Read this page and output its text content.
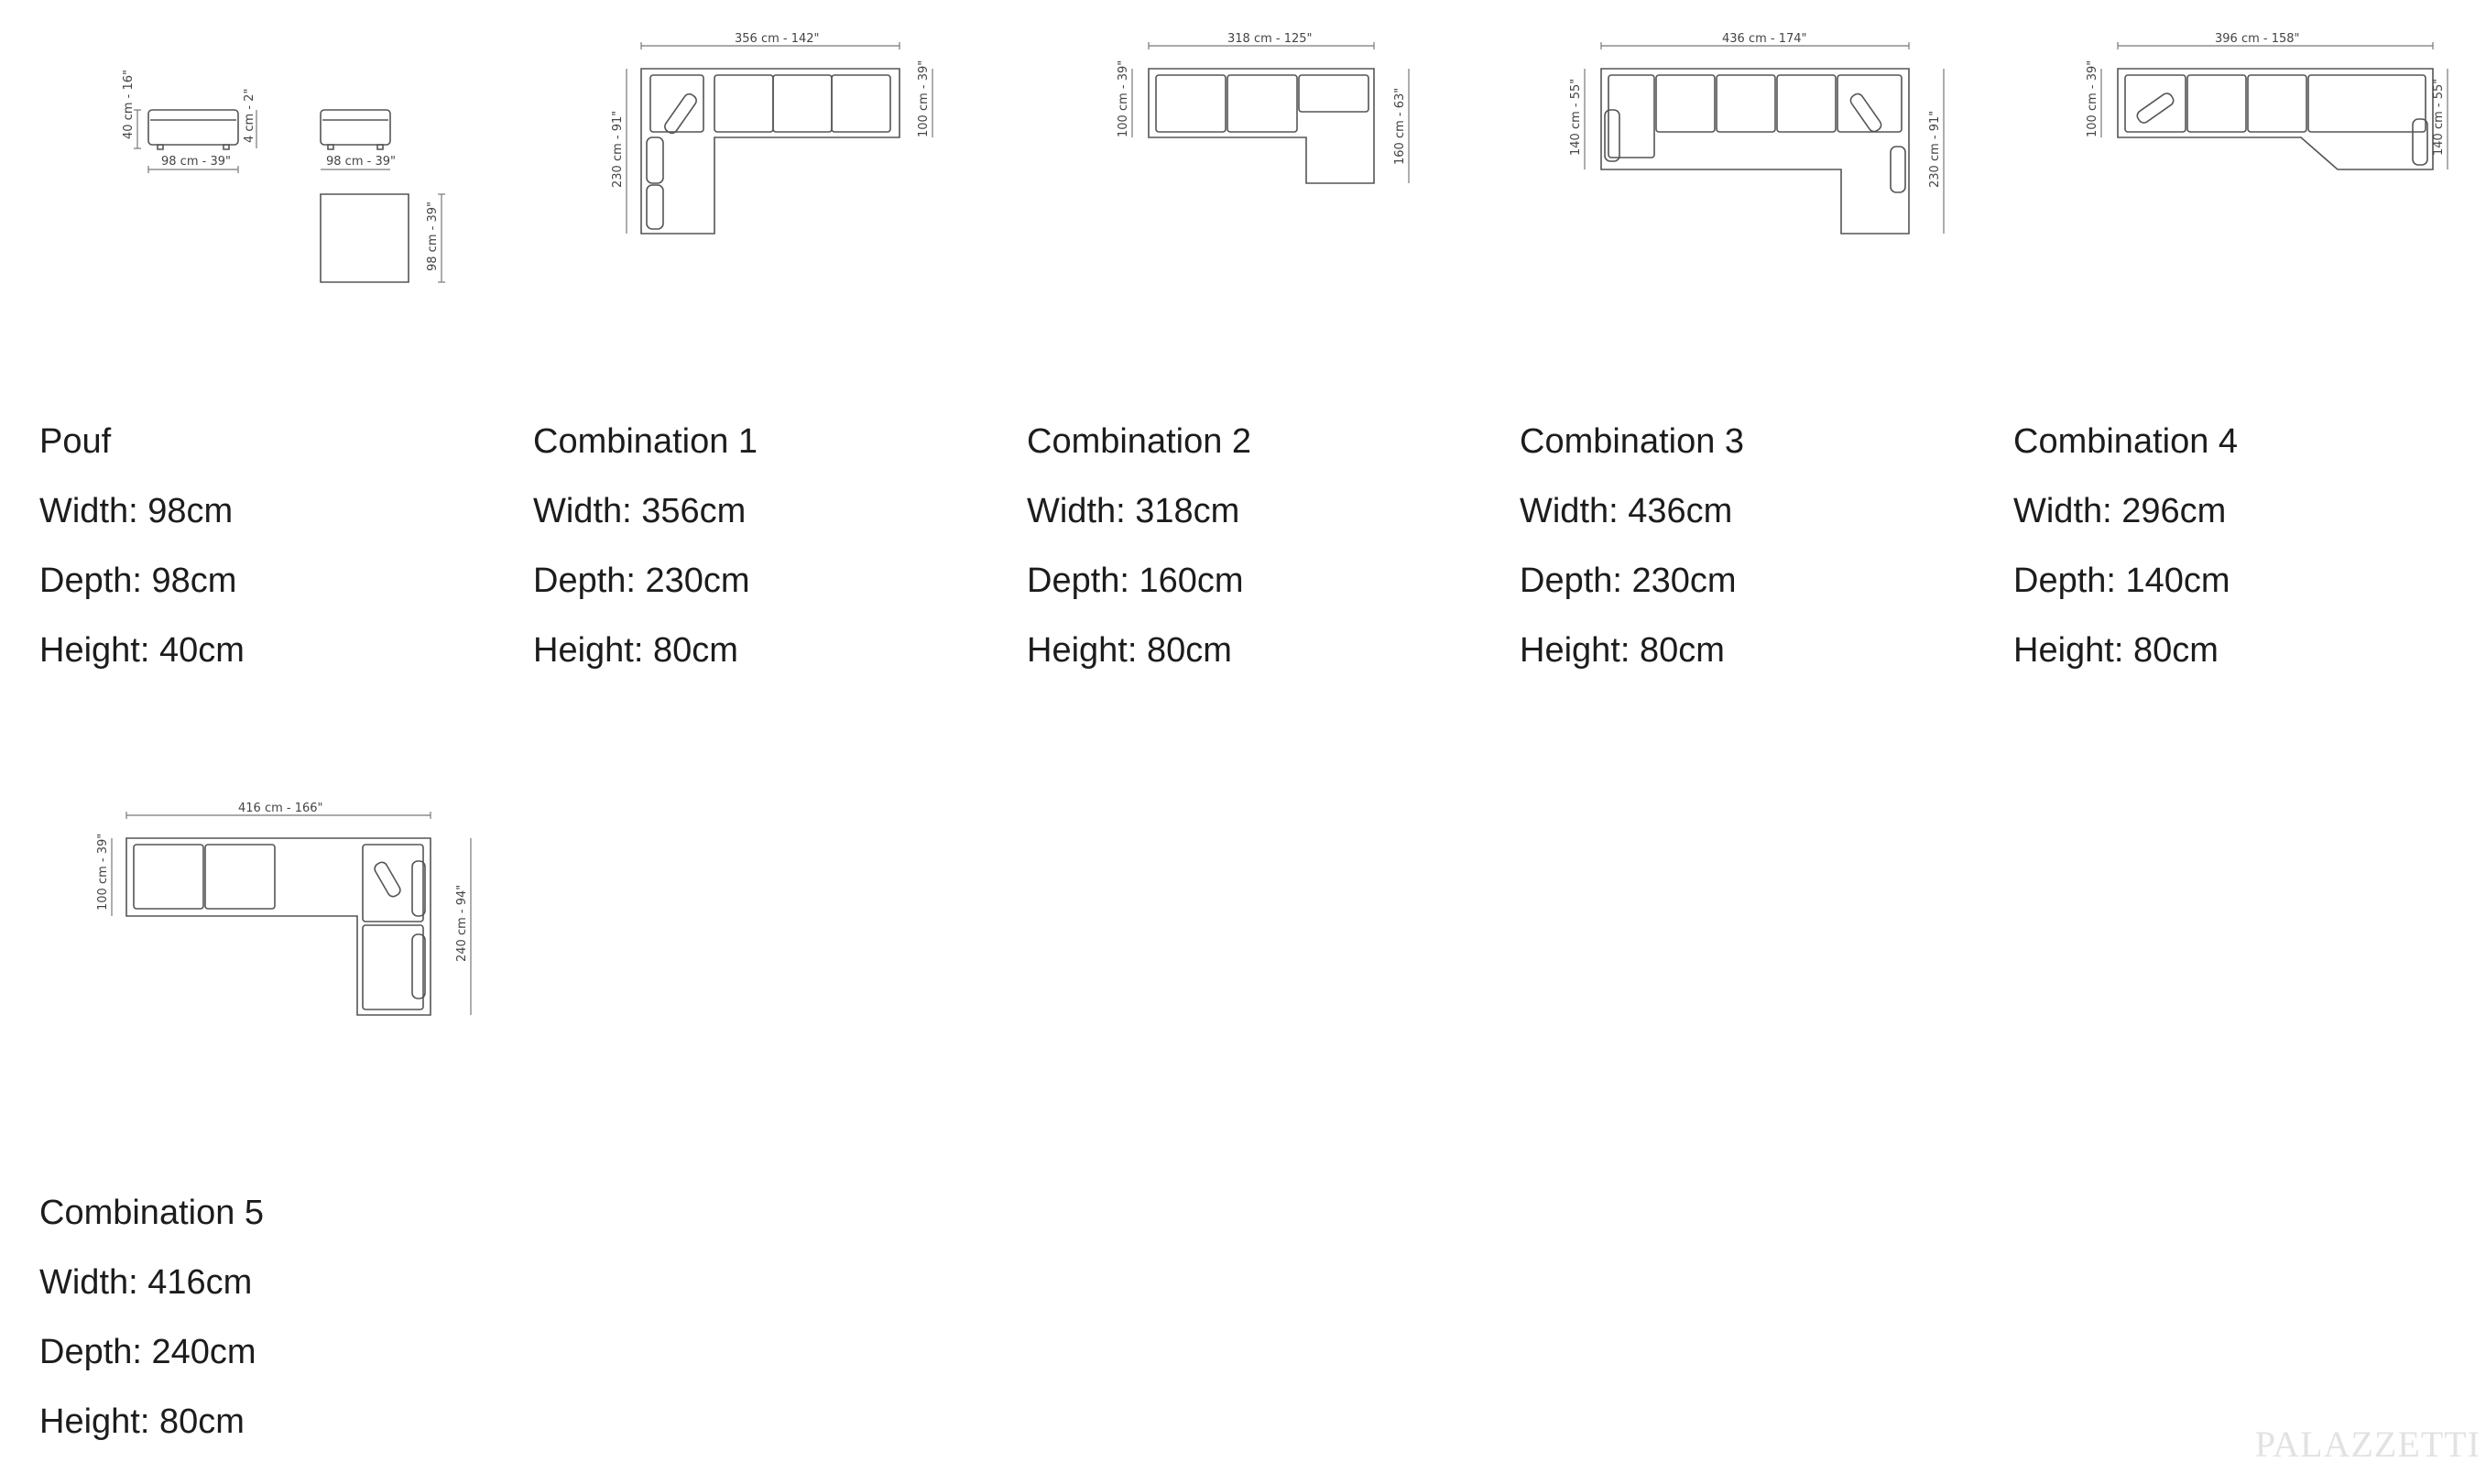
40 cm - 16"	4 cm - 2"
98 cm - 39"	98 cm - 39"
98 cm - 39"
356 cm - 142"
230 cm - 91"
100 cm - 39"
318 cm - 125"
100 cm - 39"	160 cm - 63"
436 cm - 174"
140 cm - 55"	230 cm - 91"
396 cm - 158"
100 cm - 39"	140 cm - 55"
416 cm - 166"
100 cm - 39"
240 cm - 94"
Pouf
Width: 98cm
Depth: 98cm
Height: 40cm
Combination 1
Width: 356cm
Depth: 230cm
Height: 80cm
Combination 2
Width: 318cm
Depth: 160cm
Height: 80cm
Combination 3
Width: 436cm
Depth: 230cm
Height: 80cm
Combination 4
Width: 296cm
Depth: 140cm
Height: 80cm
Combination 5
Width: 416cm
Depth: 240cm
Height: 80cm
PALAZZETTI
